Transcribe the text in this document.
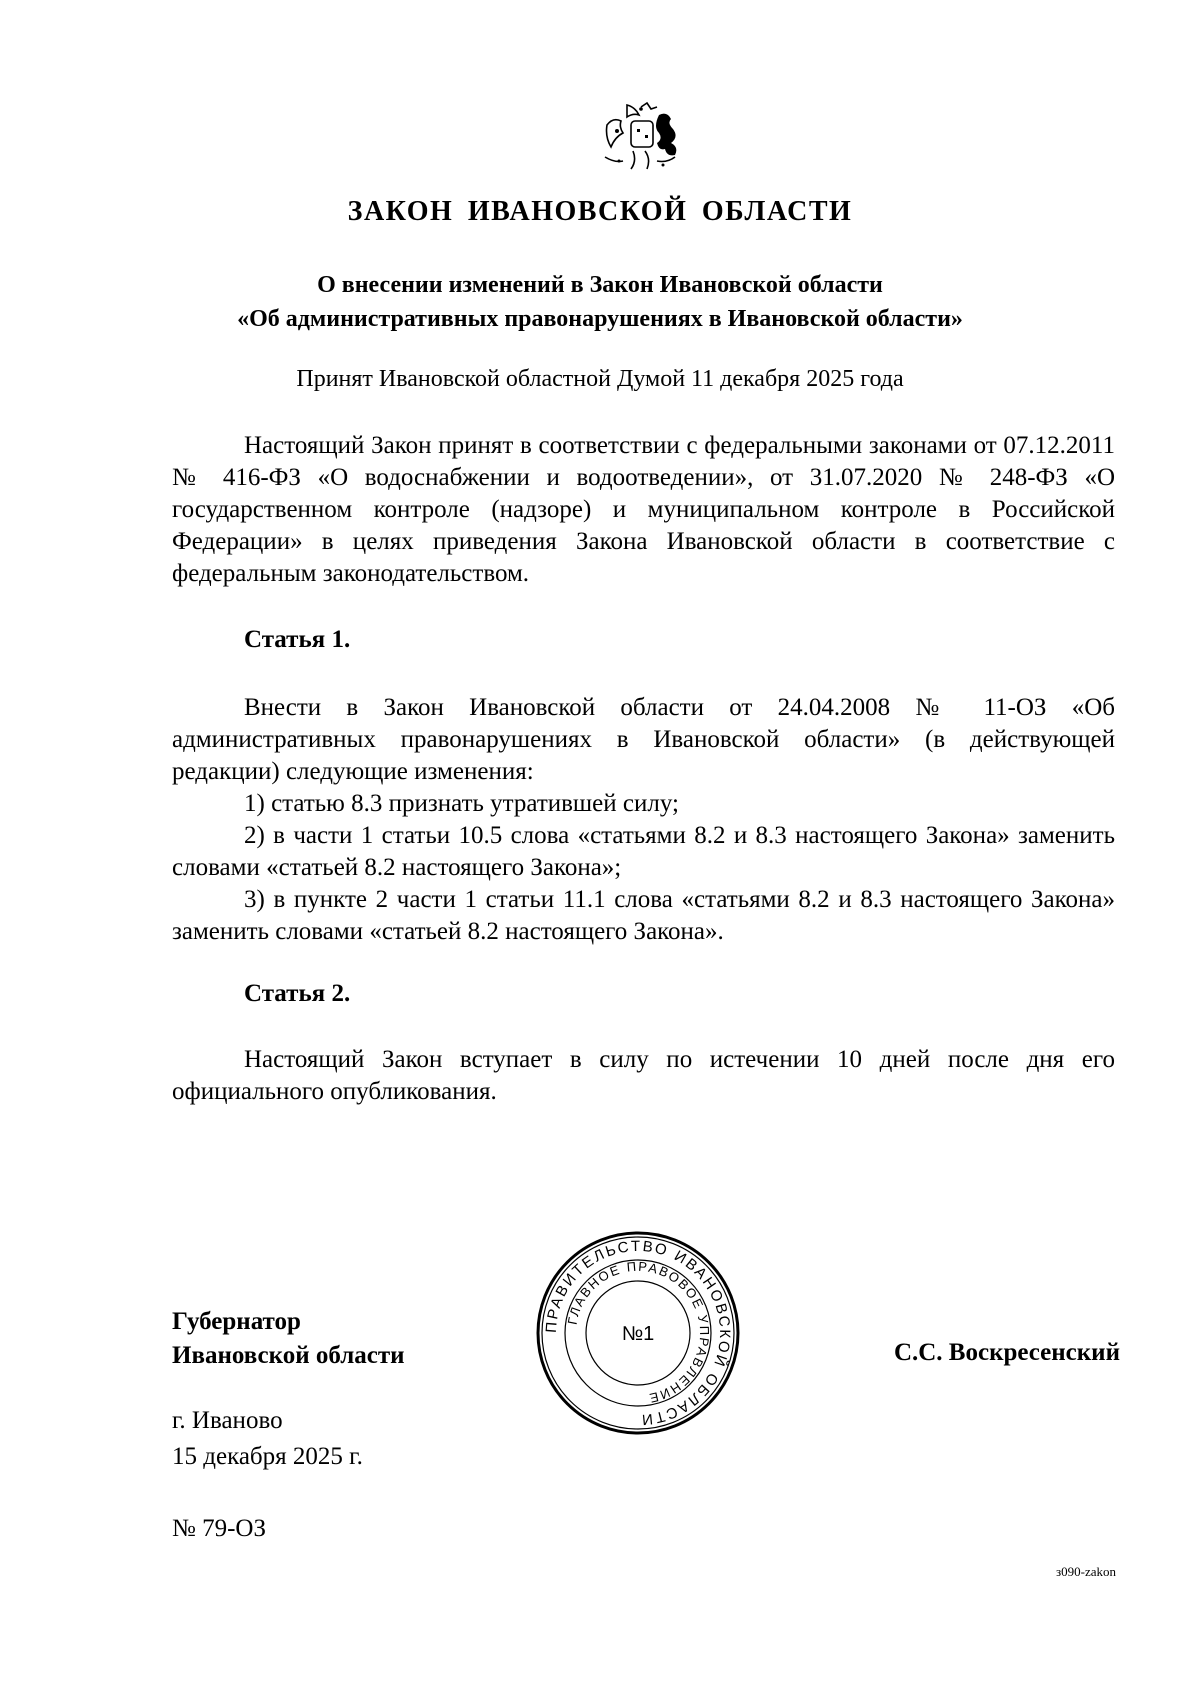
ЗАКОН ИВАНОВСКОЙ ОБЛАСТИ

О внесении изменений в Закон Ивановской области
«Об административных правонарушениях в Ивановской области»

Принят Ивановской областной Думой 11 декабря 2025 года

Настоящий Закон принят в соответствии с федеральными законами от 07.12.2011 № 416-ФЗ «О водоснабжении и водоотведении», от 31.07.2020 № 248-ФЗ «О государственном контроле (надзоре) и муниципальном контроле в Российской Федерации» в целях приведения Закона Ивановской области в соответствие с федеральным законодательством.

Статья 1.

Внести в Закон Ивановской области от 24.04.2008 № 11-ОЗ «Об административных правонарушениях в Ивановской области» (в действующей редакции) следующие изменения:

1) статью 8.3 признать утратившей силу;

2) в части 1 статьи 10.5 слова «статьями 8.2 и 8.3 настоящего Закона» заменить словами «статьей 8.2 настоящего Закона»;

3) в пункте 2 части 1 статьи 11.1 слова «статьями 8.2 и 8.3 настоящего Закона» заменить словами «статьей 8.2 настоящего Закона».

Статья 2.

Настоящий Закон вступает в силу по истечении 10 дней после дня его официального опубликования.

Губернатор
Ивановской области
ПРАВИТЕЛЬСТВО ИВАНОВСКОЙ ОБЛАСТИ
ГЛАВНОЕ ПРАВОВОЕ УПРАВЛЕНИЕ
№1
С.С. Воскресенский
г. Иваново
15 декабря 2025 г.
№ 79-ОЗ
з090-zakon
